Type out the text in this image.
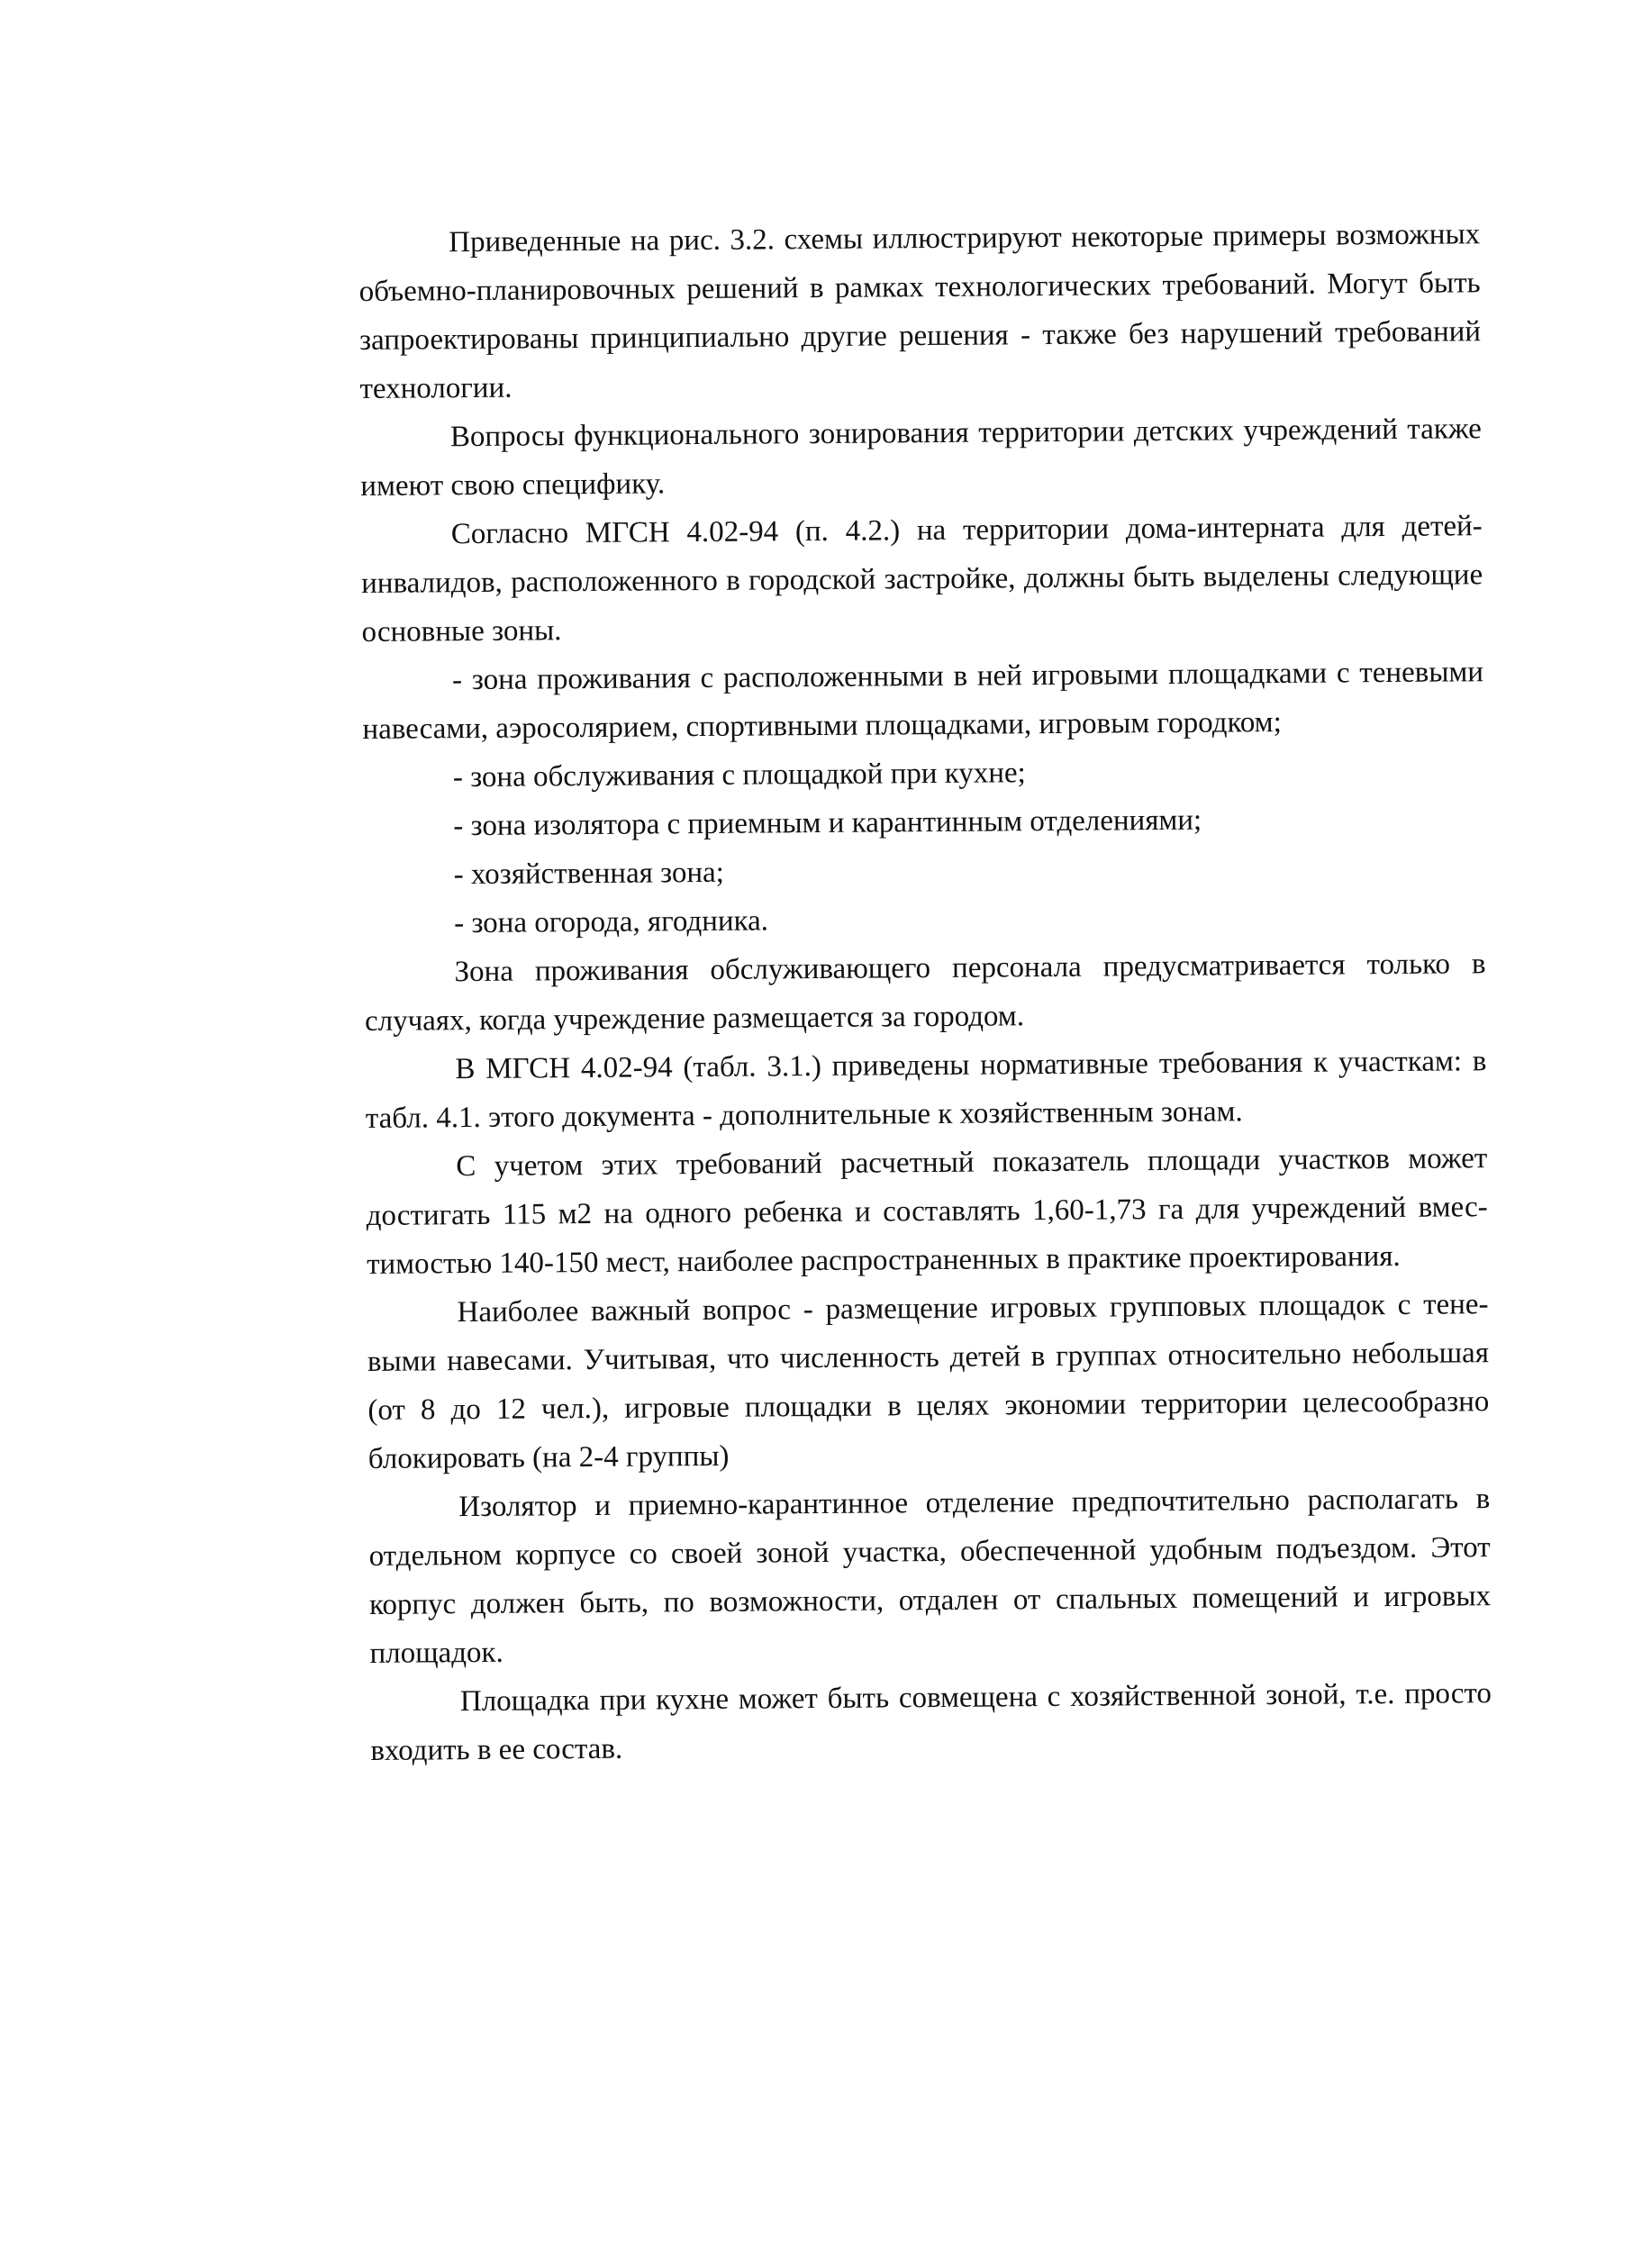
Приведенные на рис. 3.2. схемы иллюстрируют некоторые примеры возможных объемно-планировочных решений в рамках технологических требований. Могут быть запроектированы принципиально другие решения - также без нарушений требований технологии.

Вопросы функционального зонирования территории детских учреждений также имеют свою специфику.

Согласно МГСН 4.02-94 (п. 4.2.) на территории дома-интерната для детей-инвалидов, расположенного в городской застройке, должны быть выделены следующие основные зоны.

- зона проживания с расположенными в ней игровыми площадками с теневыми навесами, аэросолярием, спортивными площадками, игровым городком;

- зона обслуживания с площадкой при кухне;

- зона изолятора с приемным и карантинным отделениями;

- хозяйственная зона;

- зона огорода, ягодника.

Зона проживания обслуживающего персонала предусматривается только в случаях, когда учреждение размещается за городом.

В МГСН 4.02-94 (табл. 3.1.) приведены нормативные требования к участкам: в табл. 4.1. этого документа - дополнительные к хозяйственным зонам.

С учетом этих требований расчетный показатель площади участков может достигать 115 м2 на одного ребенка и составлять 1,60-1,73 га для учреждений вместимостью 140-150 мест, наиболее распространенных в практике проектирования.

Наиболее важный вопрос - размещение игровых групповых площадок с теневыми навесами. Учитывая, что численность детей в группах относительно небольшая (от 8 до 12 чел.), игровые площадки в целях экономии территории целесообразно блокировать (на 2-4 группы)

Изолятор и приемно-карантинное отделение предпочтительно располагать в отдельном корпусе со своей зоной участка, обеспеченной удобным подъездом. Этот корпус должен быть, по возможности, отдален от спальных помещений и игровых площадок.

Площадка при кухне может быть совмещена с хозяйственной зоной, т.е. просто входить в ее состав.
